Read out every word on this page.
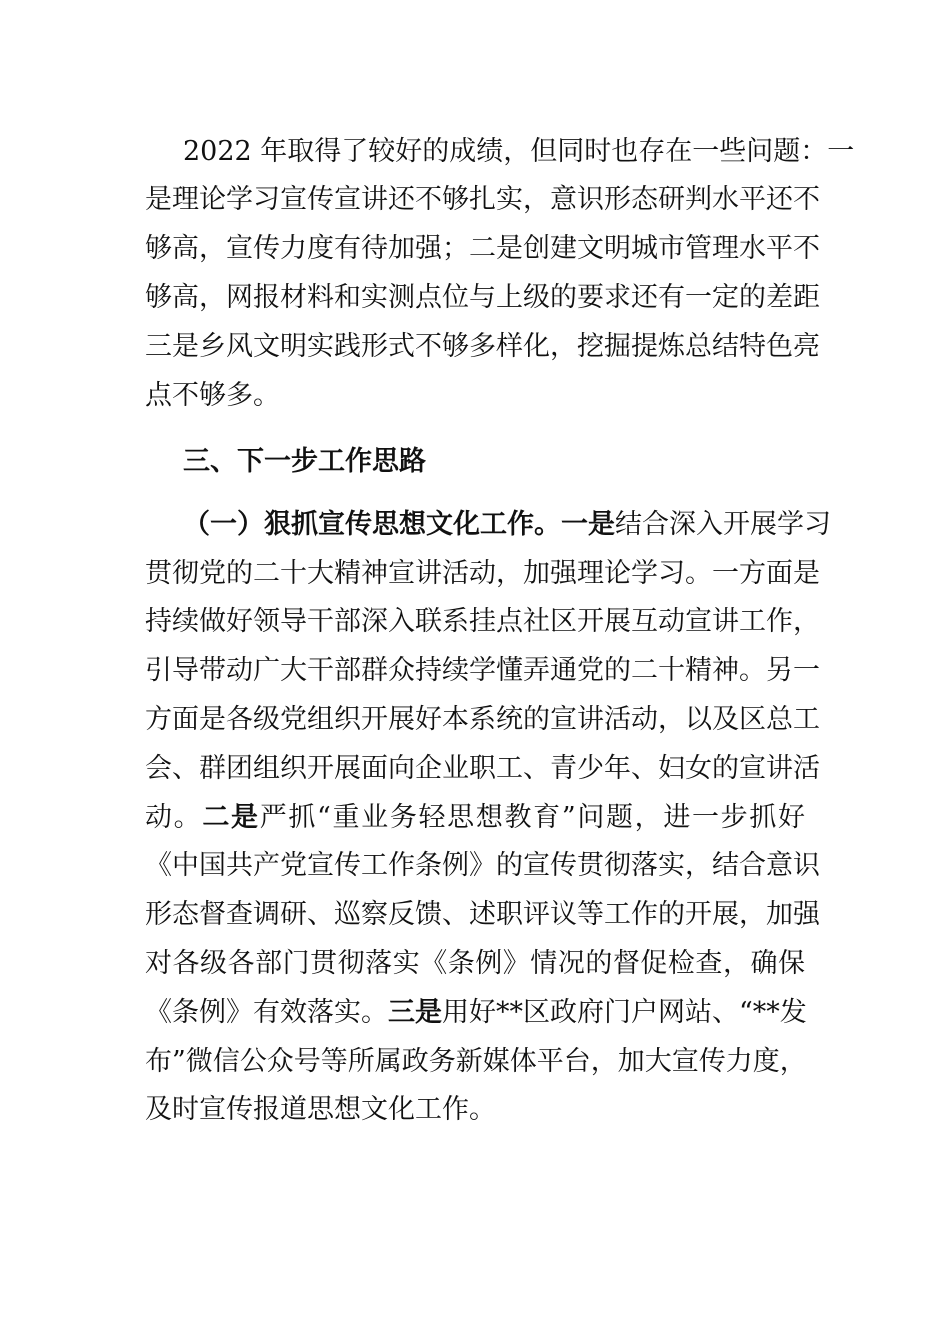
2022 年取得了较好的成绩，但同时也存在一些问题：一
是理论学习宣传宣讲还不够扎实，意识形态研判水平还不
够高，宣传力度有待加强；二是创建文明城市管理水平不
够高，网报材料和实测点位与上级的要求还有一定的差距
三是乡风文明实践形式不够多样化，挖掘提炼总结特色亮
点不够多。
三、下一步工作思路
（一）狠抓宣传思想文化工作。一是结合深入开展学习
贯彻党的二十大精神宣讲活动，加强理论学习。一方面是
持续做好领导干部深入联系挂点社区开展互动宣讲工作，
引导带动广大干部群众持续学懂弄通党的二十精神。另一
方面是各级党组织开展好本系统的宣讲活动，以及区总工
会、群团组织开展面向企业职工、青少年、妇女的宣讲活
动。二是严抓“重业务轻思想教育”问题，进一步抓好
《中国共产党宣传工作条例》的宣传贯彻落实，结合意识
形态督查调研、巡察反馈、述职评议等工作的开展，加强
对各级各部门贯彻落实《条例》情况的督促检查，确保
《条例》有效落实。三是用好**区政府门户网站、“**发
布”微信公众号等所属政务新媒体平台，加大宣传力度，
及时宣传报道思想文化工作。
